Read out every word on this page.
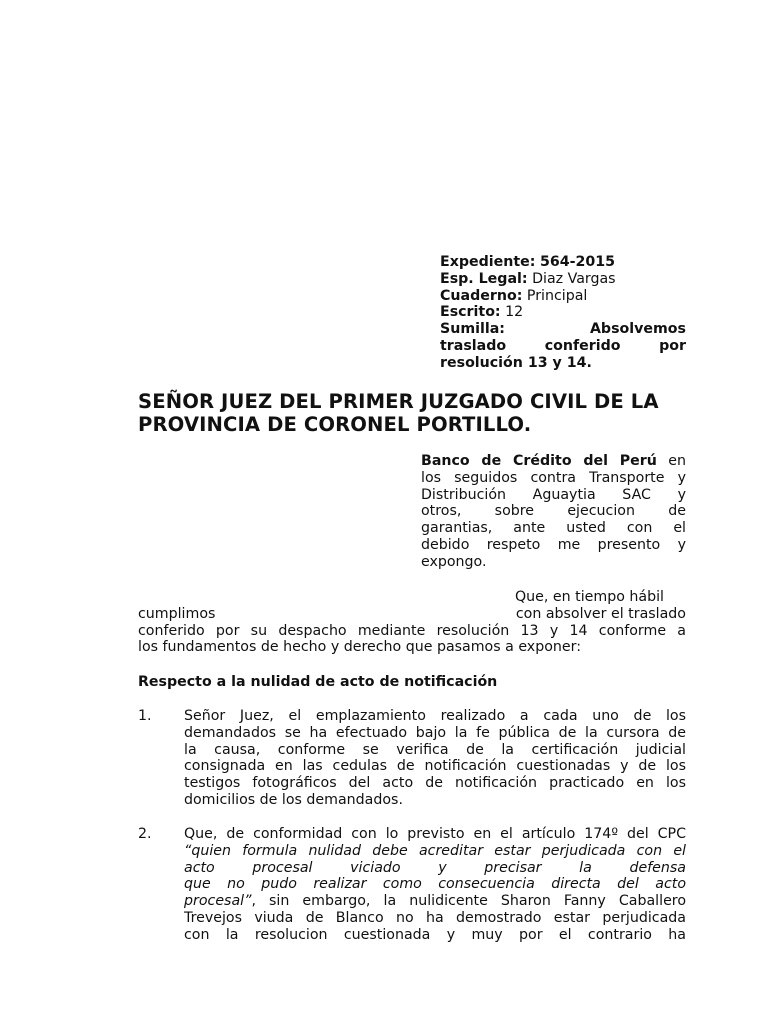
Expediente: 564-2015
Esp. Legal: Diaz Vargas
Cuaderno: Principal
Escrito: 12
Sumilla: Absolvemos
traslado conferido por
resolución 13 y 14.
SEÑOR JUEZ DEL PRIMER JUZGADO CIVIL DE LA
PROVINCIA DE CORONEL PORTILLO.
Banco de Crédito del Perú en
los seguidos contra Transporte y
Distribución Aguaytia SAC y
otros, sobre ejecucion de
garantias, ante usted con el
debido respeto me presento y
expongo.
Que, en tiempo hábil
cumplimos	con absolver el traslado
conferido por su despacho mediante resolución 13 y 14 conforme a
los fundamentos de hecho y derecho que pasamos a exponer:
Respecto a la nulidad de acto de notificación
1. Señor Juez, el emplazamiento realizado a cada uno de los
demandados se ha efectuado bajo la fe pública de la cursora de
la causa, conforme se verifica de la certificación judicial
consignada en las cedulas de notificación cuestionadas y de los
testigos fotográficos del acto de notificación practicado en los
domicilios de los demandados.
2. Que, de conformidad con lo previsto en el artículo 174º del CPC
“quien formula nulidad debe acreditar estar perjudicada con el
acto procesal viciado y precisar la defensa
que no pudo realizar como consecuencia directa del acto
procesal”, sin embargo, la nulidicente Sharon Fanny Caballero
Trevejos viuda de Blanco no ha demostrado estar perjudicada
con la resolucion cuestionada y muy por el contrario ha
